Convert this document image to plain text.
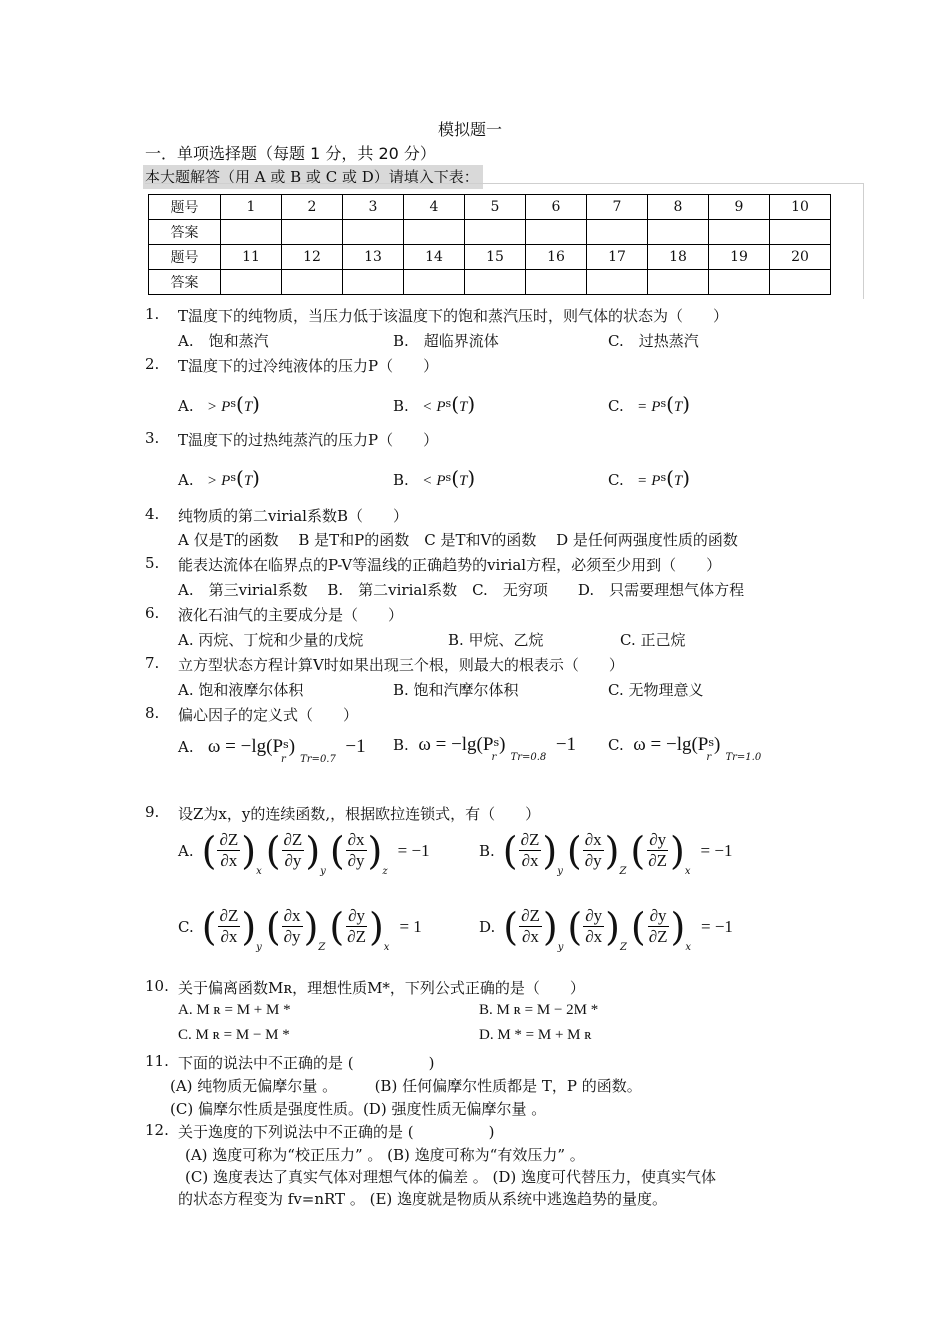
模拟题一
一．单项选择题（每题 1 分，共 20 分）
本大题解答（用 A 或 B 或 C 或 D）请填入下表：
题号	1	2	3	4	5	6	7	8	9	10
答案										
题号	11	12	13	14	15	16	17	18	19	20
答案										
1. T温度下的纯物质，当压力低于该温度下的饱和蒸汽压时，则气体的状态为（　　）
A.　饱和蒸汽	B.　超临界流体	C.　过热蒸汽
2. T温度下的过冷纯液体的压力P（　　）
A. > $P^s(T)$	B. < $P^s(T)$	C. = $P^s(T)$
3. T温度下的过热纯蒸汽的压力P（　　）
A. > $P^s(T)$	B. < $P^s(T)$	C. = $P^s(T)$
4. 纯物质的第二virial系数B（　　）
A 仅是T的函数　 B 是T和P的函数　C 是T和V的函数　 D 是任何两强度性质的函数
5. 能表达流体在临界点的P-V等温线的正确趋势的virial方程，必须至少用到（　　）
A.　第三virial系数　 B.　第二virial系数　C.　无穷项　　D.　只需要理想气体方程
6. 液化石油气的主要成分是（　　）
A. 丙烷、丁烷和少量的戊烷	B. 甲烷、乙烷	C. 正己烷
7. 立方型状态方程计算V时如果出现三个根，则最大的根表示（　　）
A. 饱和液摩尔体积	B. 饱和汽摩尔体积	C. 无物理意义
8. 偏心因子的定义式（　　）
A. $\omega = -\lg(P^s)_r$ $_{Tr=0.7}$  −1 B. $\omega = -\lg(P^s)_r$ $_{Tr=0.8}$  −1 C. $\omega = -\lg(P^s)_r$ $_{Tr=1.0}$
9. 设Z为x，y的连续函数,，根据欧拉连锁式，有（　　）
A. ( $\frac{\partial Z}{\partial x}$ ) x ( $\frac{\partial Z}{\partial y}$ ) y ( $\frac{\partial x}{\partial y}$ ) z
= −1	B. ( $\frac{\partial Z}{\partial x}$ ) y ( $\frac{\partial x}{\partial y}$ ) Z ( $\frac{\partial y}{\partial Z}$ ) x
= −1
C. ( $\frac{\partial Z}{\partial x}$ ) y ( $\frac{\partial x}{\partial y}$ ) Z ( $\frac{\partial y}{\partial Z}$ ) x
= 1	D. ( $\frac{\partial Z}{\partial x}$ ) y ( $\frac{\partial y}{\partial x}$ ) Z ( $\frac{\partial y}{\partial Z}$ ) x
= −1
10. 关于偏离函数Mʀ，理想性质M*，下列公式正确的是（　　）
A. M ʀ = M + M *	B. M ʀ = M − 2M *
C. M ʀ = M − M *	D. M * = M + M ʀ
11. 下面的说法中不正确的是 (　　　　　)
(A) 纯物质无偏摩尔量 。　　　(B) 任何偏摩尔性质都是 T，P 的函数。
(C) 偏摩尔性质是强度性质。(D) 强度性质无偏摩尔量 。
12. 关于逸度的下列说法中不正确的是 (　　　　　)
(A) 逸度可称为“校正压力” 。 (B) 逸度可称为“有效压力” 。
(C) 逸度表达了真实气体对理想气体的偏差 。 (D) 逸度可代替压力，使真实气体
的状态方程变为 fv=nRT 。 (E) 逸度就是物质从系统中逃逸趋势的量度。
